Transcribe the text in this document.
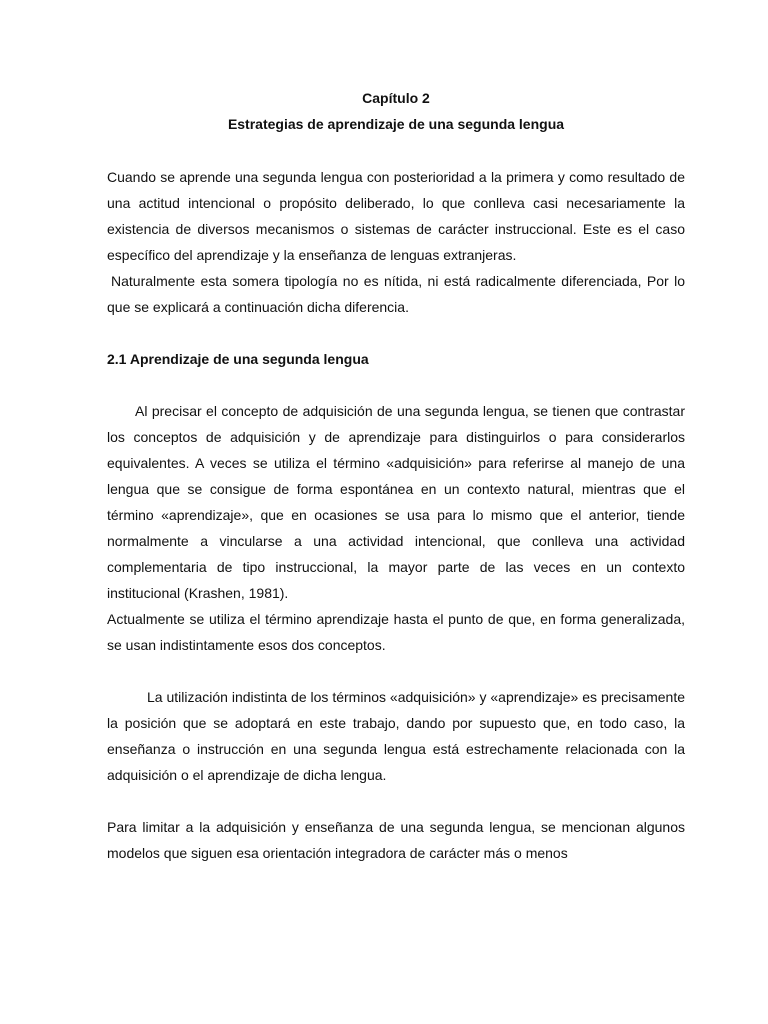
Capítulo 2
Estrategias de aprendizaje de una segunda lengua

Cuando se aprende una segunda lengua con posterioridad a la primera y como resultado de una actitud intencional o propósito deliberado, lo que conlleva casi necesariamente la existencia de diversos mecanismos o sistemas de carácter instruccional. Este es el caso específico del aprendizaje y la enseñanza de lenguas extranjeras.

Naturalmente esta somera tipología no es nítida, ni está radicalmente diferenciada, Por lo que se explicará a continuación dicha diferencia.

2.1 Aprendizaje de una segunda lengua

Al precisar el concepto de adquisición de una segunda lengua, se tienen que contrastar los conceptos de adquisición y de aprendizaje para distinguirlos o para considerarlos equivalentes. A veces se utiliza el término «adquisición» para referirse al manejo de una lengua que se consigue de forma espontánea en un contexto natural, mientras que el término «aprendizaje», que en ocasiones se usa para lo mismo que el anterior, tiende normalmente a vincularse a una actividad intencional, que conlleva una actividad complementaria de tipo instruccional, la mayor parte de las veces en un contexto institucional (Krashen, 1981).

Actualmente se utiliza el término aprendizaje hasta el punto de que, en forma generalizada, se usan indistintamente esos dos conceptos.

La utilización indistinta de los términos «adquisición» y «aprendizaje» es precisamente la posición que se adoptará en este trabajo, dando por supuesto que, en todo caso, la enseñanza o instrucción en una segunda lengua está estrechamente relacionada con la adquisición o el aprendizaje de dicha lengua.

Para limitar a la adquisición y enseñanza de una segunda lengua, se mencionan algunos modelos que siguen esa orientación integradora de carácter más o menos
